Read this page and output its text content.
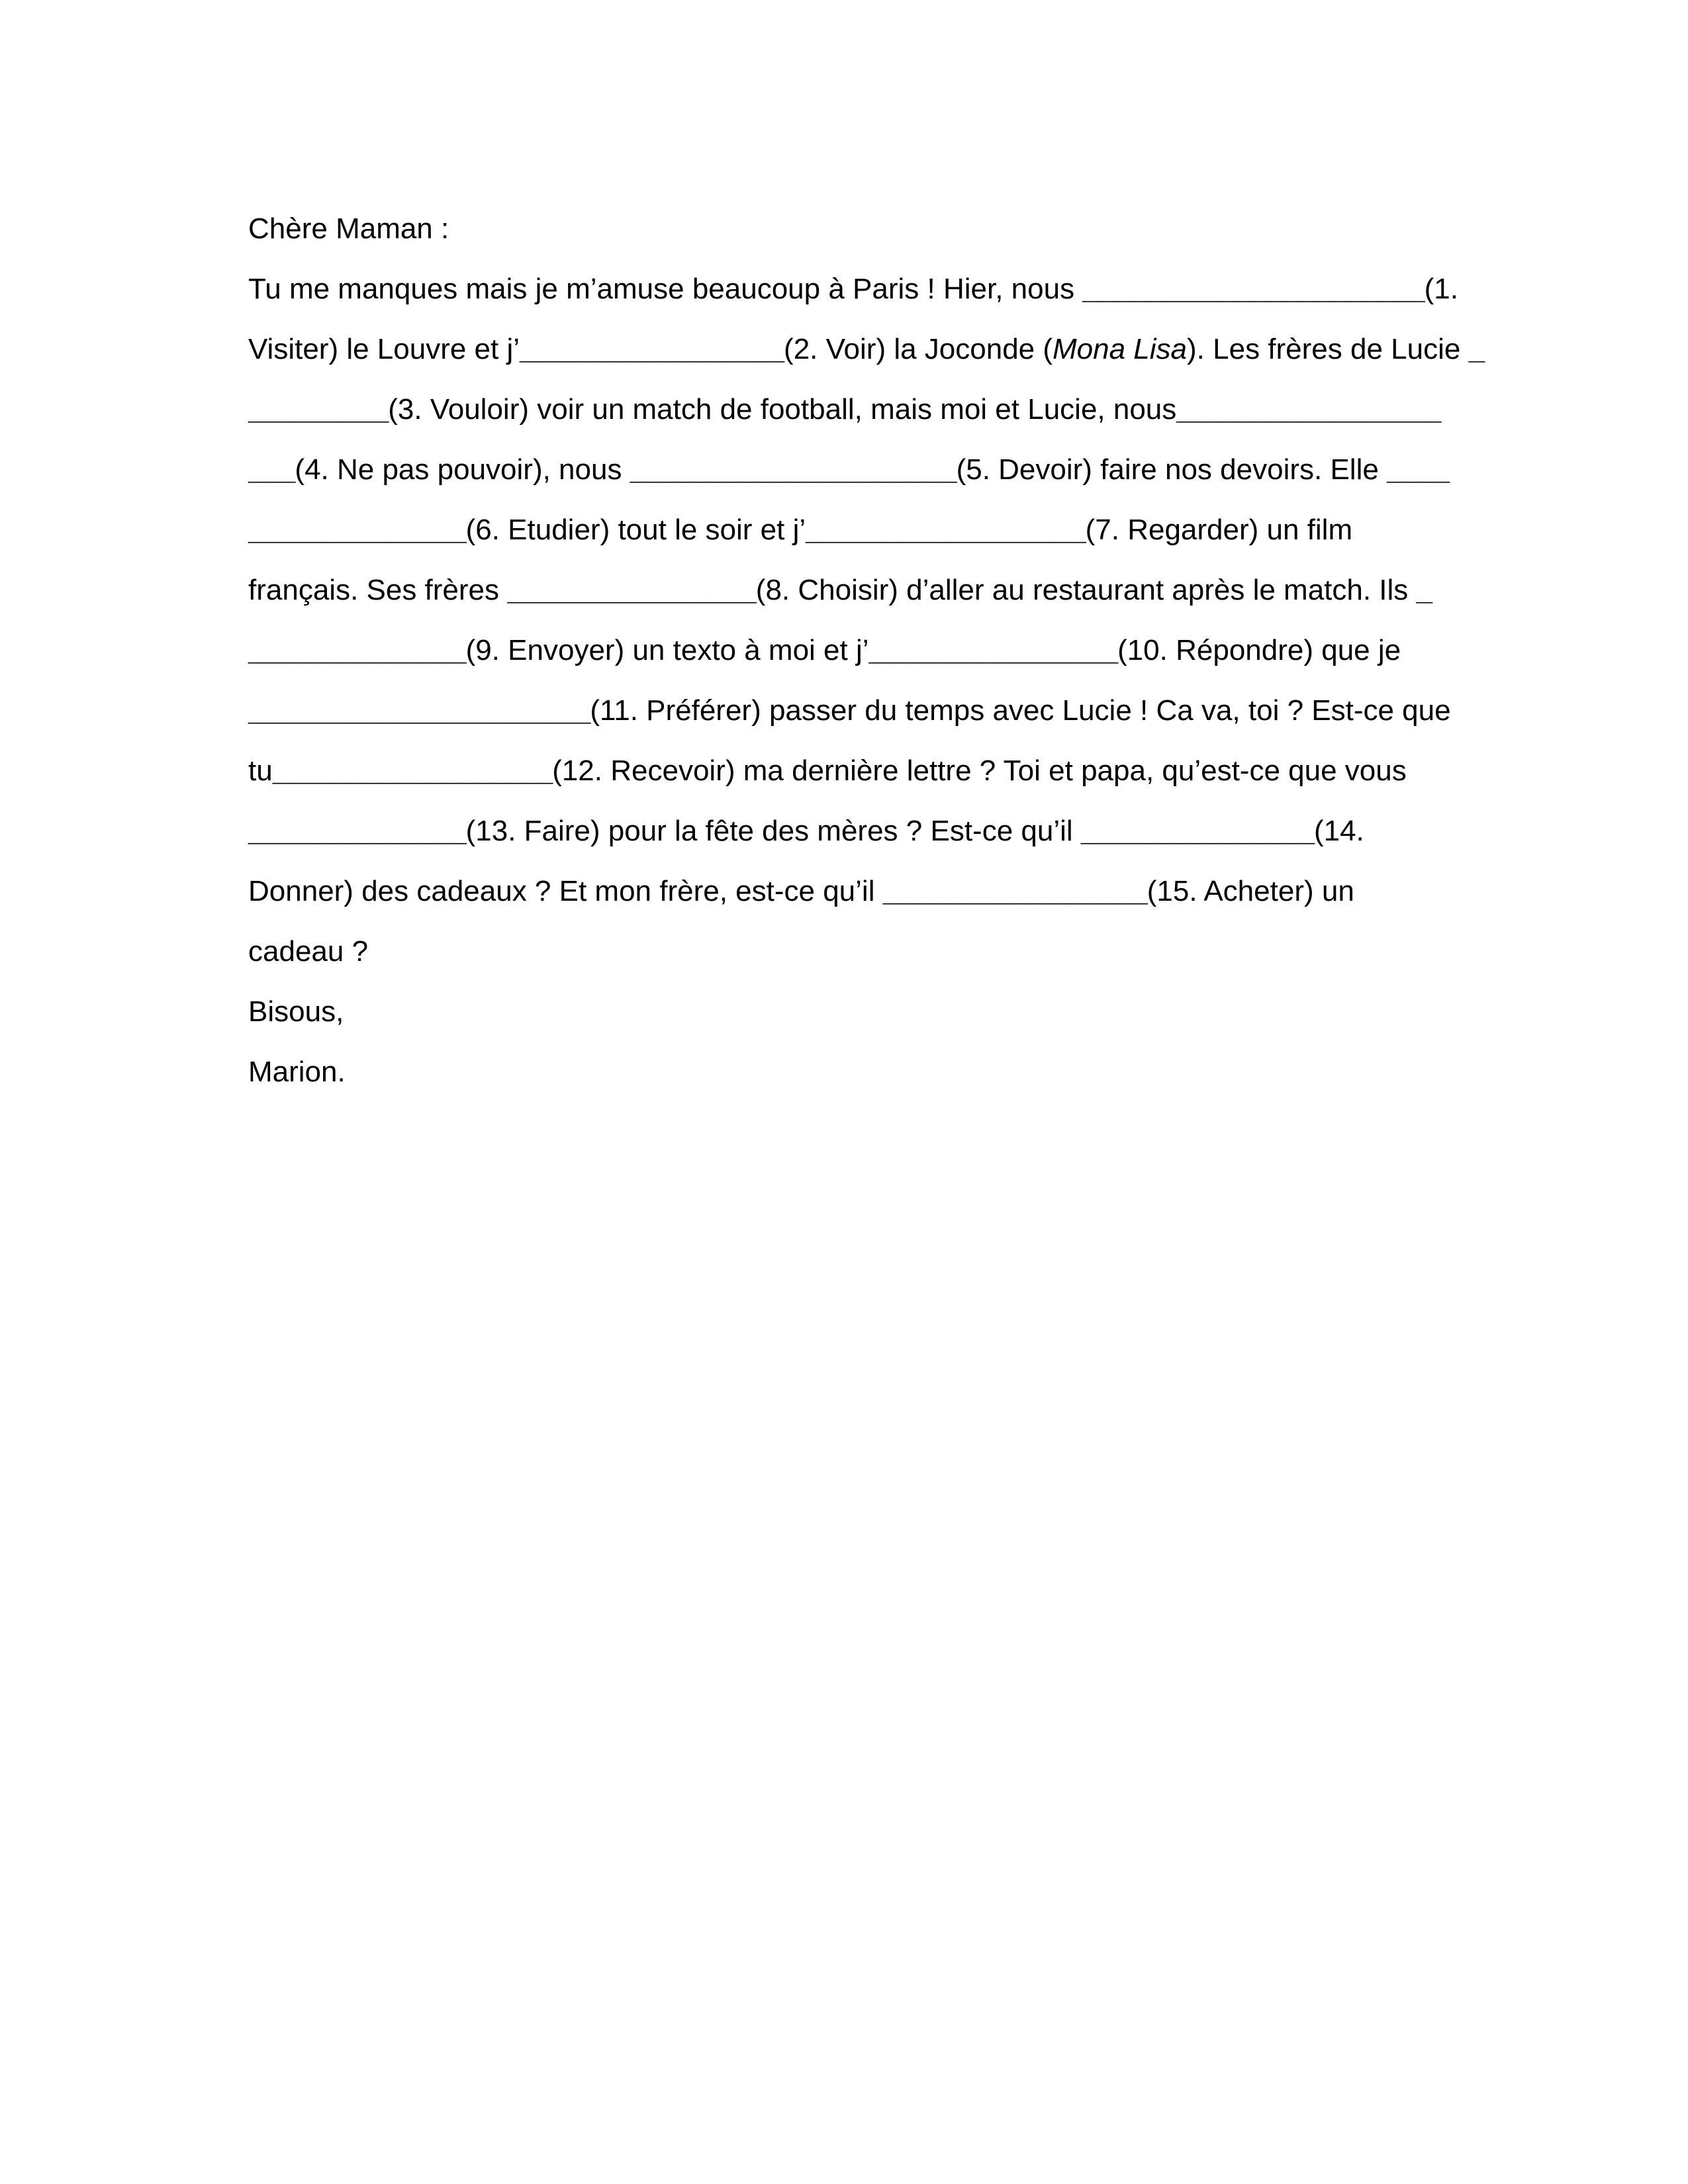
Chère Maman :
Tu me manques mais je m’amuse beaucoup à Paris ! Hier, nous ______________________(1.
Visiter) le Louvre et j’_________________(2. Voir) la Joconde (Mona Lisa). Les frères de Lucie _
_________(3. Vouloir) voir un match de football, mais moi et Lucie, nous_________________
___(4. Ne pas pouvoir), nous _____________________(5. Devoir) faire nos devoirs. Elle ____
______________(6. Etudier) tout le soir et j’__________________(7. Regarder) un film
français. Ses frères ________________(8. Choisir) d’aller au restaurant après le match. Ils _
______________(9. Envoyer) un texto à moi et j’________________(10. Répondre) que je
______________________(11. Préférer) passer du temps avec Lucie ! Ca va, toi ? Est-ce que
tu__________________(12. Recevoir) ma dernière lettre ? Toi et papa, qu’est-ce que vous
______________(13. Faire) pour la fête des mères ? Est-ce qu’il _______________(14.
Donner) des cadeaux ? Et mon frère, est-ce qu’il _________________(15. Acheter) un
cadeau ?
Bisous,
Marion.
